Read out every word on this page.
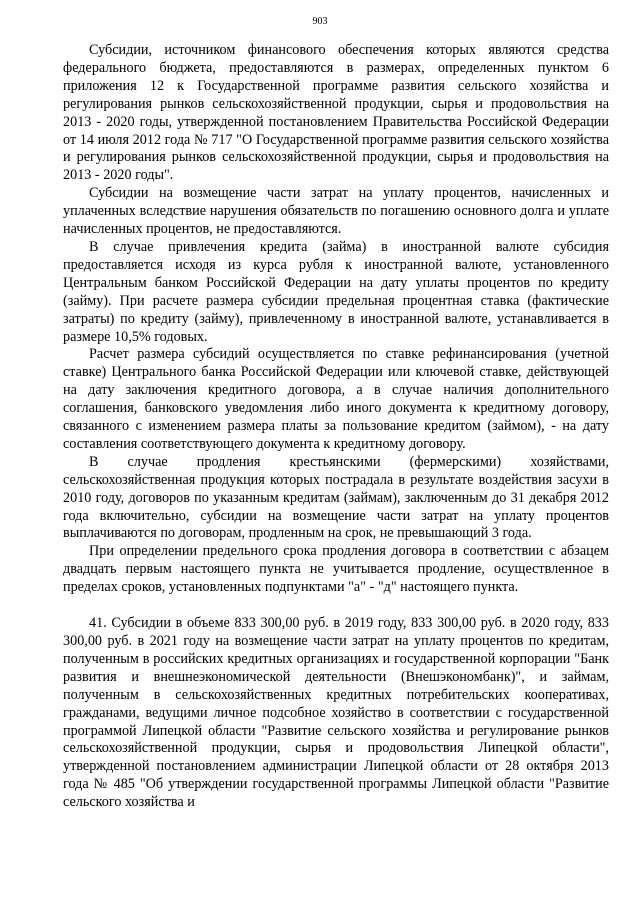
903

Субсидии, источником финансового обеспечения которых являются средства федерального бюджета, предоставляются в размерах, определенных пунктом 6 приложения 12 к Государственной программе развития сельского хозяйства и регулирования рынков сельскохозяйственной продукции, сырья и продовольствия на 2013 - 2020 годы, утвержденной постановлением Правительства Российской Федерации от 14 июля 2012 года № 717 "О Государственной программе развития сельского хозяйства и регулирования рынков сельскохозяйственной продукции, сырья и продовольствия на 2013 - 2020 годы".

Субсидии на возмещение части затрат на уплату процентов, начисленных и уплаченных вследствие нарушения обязательств по погашению основного долга и уплате начисленных процентов, не предоставляются.

В случае привлечения кредита (займа) в иностранной валюте субсидия предоставляется исходя из курса рубля к иностранной валюте, установленного Центральным банком Российской Федерации на дату уплаты процентов по кредиту (займу). При расчете размера субсидии предельная процентная ставка (фактические затраты) по кредиту (займу), привлеченному в иностранной валюте, устанавливается в размере 10,5% годовых.

Расчет размера субсидий осуществляется по ставке рефинансирования (учетной ставке) Центрального банка Российской Федерации или ключевой ставке, действующей на дату заключения кредитного договора, а в случае наличия дополнительного соглашения, банковского уведомления либо иного документа к кредитному договору, связанного с изменением размера платы за пользование кредитом (займом), - на дату составления соответствующего документа к кредитному договору.

В случае продления крестьянскими (фермерскими) хозяйствами, сельскохозяйственная продукция которых пострадала в результате воздействия засухи в 2010 году, договоров по указанным кредитам (займам), заключенным до 31 декабря 2012 года включительно, субсидии на возмещение части затрат на уплату процентов выплачиваются по договорам, продленным на срок, не превышающий 3 года.

При определении предельного срока продления договора в соответствии с абзацем двадцать первым настоящего пункта не учитывается продление, осуществленное в пределах сроков, установленных подпунктами "а" - "д" настоящего пункта.

41. Субсидии в объеме 833 300,00 руб. в 2019 году, 833 300,00 руб. в 2020 году, 833 300,00 руб. в 2021 году на возмещение части затрат на уплату процентов по кредитам, полученным в российских кредитных организациях и государственной корпорации "Банк развития и внешнеэкономической деятельности (Внешэкономбанк)", и займам, полученным в сельскохозяйственных кредитных потребительских кооперативах, гражданами, ведущими личное подсобное хозяйство в соответствии с государственной программой Липецкой области "Развитие сельского хозяйства и регулирование рынков сельскохозяйственной продукции, сырья и продовольствия Липецкой области", утвержденной постановлением администрации Липецкой области от 28 октября 2013 года № 485 "Об утверждении государственной программы Липецкой области "Развитие сельского хозяйства и
